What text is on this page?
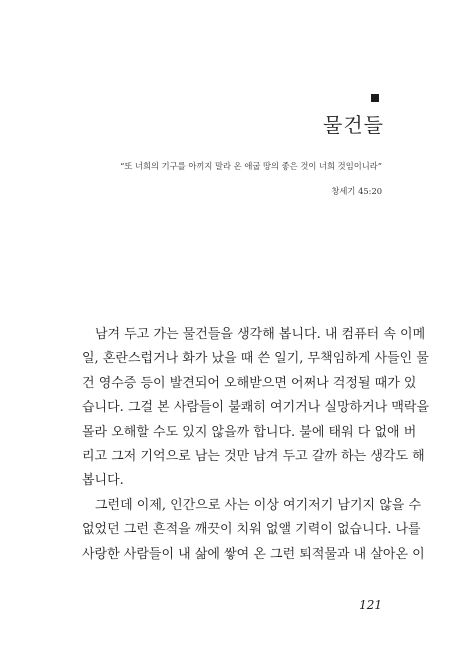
물건들
“또 너희의 기구를 아끼지 말라 온 애굽 땅의 좋은 것이 너희 것임이니라”
창세기 45:20
남겨 두고 가는 물건들을 생각해 봅니다. 내 컴퓨터 속 이메
일, 혼란스럽거나 화가 났을 때 쓴 일기, 무책임하게 사들인 물
건 영수증 등이 발견되어 오해받으면 어쩌나 걱정될 때가 있
습니다. 그걸 본 사람들이 불쾌히 여기거나 실망하거나 맥락을
몰라 오해할 수도 있지 않을까 합니다. 불에 태워 다 없애 버
리고 그저 기억으로 남는 것만 남겨 두고 갈까 하는 생각도 해
봅니다.
그런데 이제, 인간으로 사는 이상 여기저기 남기지 않을 수
없었던 그런 흔적을 깨끗이 치워 없앨 기력이 없습니다. 나를
사랑한 사람들이 내 삶에 쌓여 온 그런 퇴적물과 내 살아온 이
121
